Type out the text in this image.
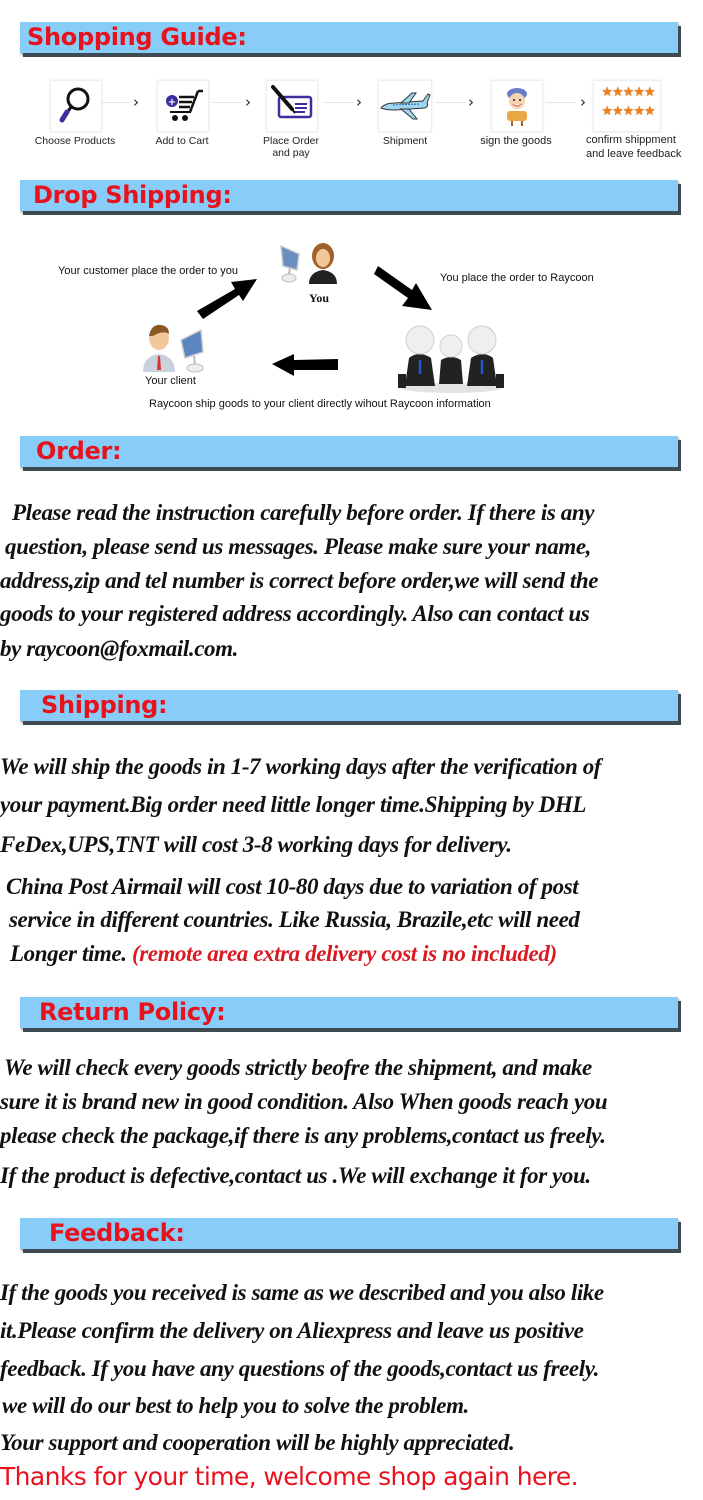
Shopping Guide:
Choose Products
›	+
Add to Cart
›
Place Order
and pay
›
Shipment
›
sign the goods
›
★★★★★
★★★★★
confirm shippment
and leave feedback
Drop Shipping:
Your customer place the order to you
You place the order to Raycoon
You
Your client
Raycoon ship goods to your client directly wihout Raycoon information
Order:
Please read the instruction carefully before order. If there is any
question, please send us messages. Please make sure your name,
address,zip and tel number is correct before order,we will send the
goods to your registered address accordingly. Also can contact us
by raycoon@foxmail.com.
Shipping:
We will ship the goods in 1-7 working days after the verification of
your payment.Big order need little longer time.Shipping by DHL
FeDex,UPS,TNT will cost 3-8 working days for delivery.
China Post Airmail will cost 10-80 days due to variation of post
service in different countries. Like Russia, Brazile,etc will need
Longer time. (remote area extra delivery cost is no included)
Return Policy:
We will check every goods strictly beofre the shipment, and make
sure it is brand new in good condition. Also When goods reach you
please check the package,if there is any problems,contact us freely.
If the product is defective,contact us .We will exchange it for you.
Feedback:
If the goods you received is same as we described and you also like
it.Please confirm the delivery on Aliexpress and leave us positive
feedback. If you have any questions of the goods,contact us freely.
we will do our best to help you to solve the problem.
Your support and cooperation will be highly appreciated.
Thanks for your time, welcome shop again here.
